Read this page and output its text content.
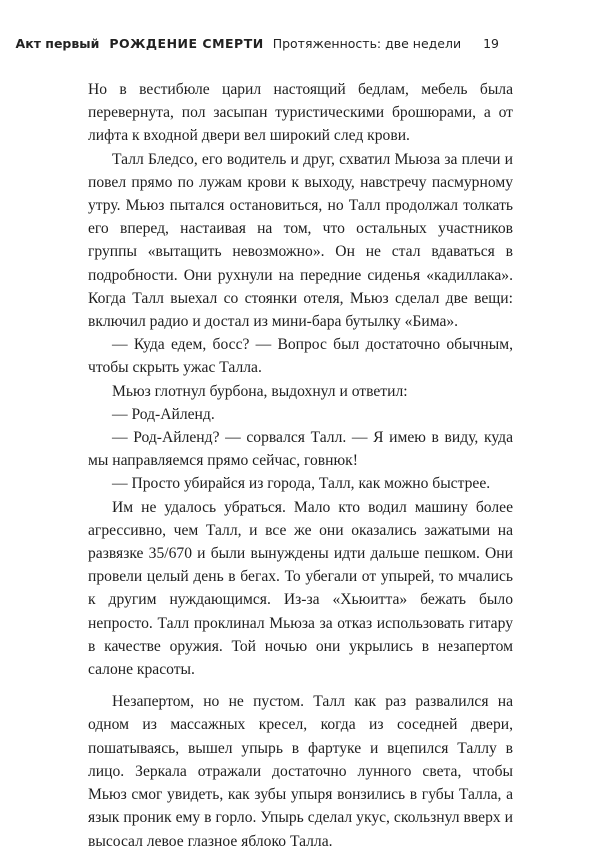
Акт первый РОЖДЕНИЕ СМЕРТИ Протяженность: две недели 19

Но в вестибюле царил настоящий бедлам, мебель была перевернута, пол засыпан туристическими брошюрами, а от лифта к входной двери вел широкий след крови.

Талл Бледсо, его водитель и друг, схватил Мьюза за плечи и повел прямо по лужам крови к выходу, навстречу пасмурному утру. Мьюз пытался остановиться, но Талл продолжал толкать его вперед, настаивая на том, что остальных участников группы «вытащить невозможно». Он не стал вдаваться в подробности. Они рухнули на передние сиденья «кадиллака». Когда Талл выехал со стоянки отеля, Мьюз сделал две вещи: включил радио и достал из мини-бара бутылку «Бима».

— Куда едем, босс? — Вопрос был достаточно обычным, чтобы скрыть ужас Талла.

Мьюз глотнул бурбона, выдохнул и ответил:

— Род-Айленд.

— Род-Айленд? — сорвался Талл. — Я имею в виду, куда мы направляемся прямо сейчас, говнюк!

— Просто убирайся из города, Талл, как можно быстрее.

Им не удалось убраться. Мало кто водил машину более агрессивно, чем Талл, и все же они оказались зажатыми на развязке 35/670 и были вынуждены идти дальше пешком. Они провели целый день в бегах. То убегали от упырей, то мчались к другим нуждающимся. Из-за «Хьюитта» бежать было непросто. Талл проклинал Мьюза за отказ использовать гитару в качестве оружия. Той ночью они укрылись в незапертом салоне красоты.

Незапертом, но не пустом. Талл как раз развалился на одном из массажных кресел, когда из соседней двери, пошатываясь, вышел упырь в фартуке и вцепился Таллу в лицо. Зеркала отражали достаточно лунного света, чтобы Мьюз смог увидеть, как зубы упыря вонзились в губы Талла, а язык проник ему в горло. Упырь сделал укус, скользнул вверх и высосал левое глазное яблоко Талла.
